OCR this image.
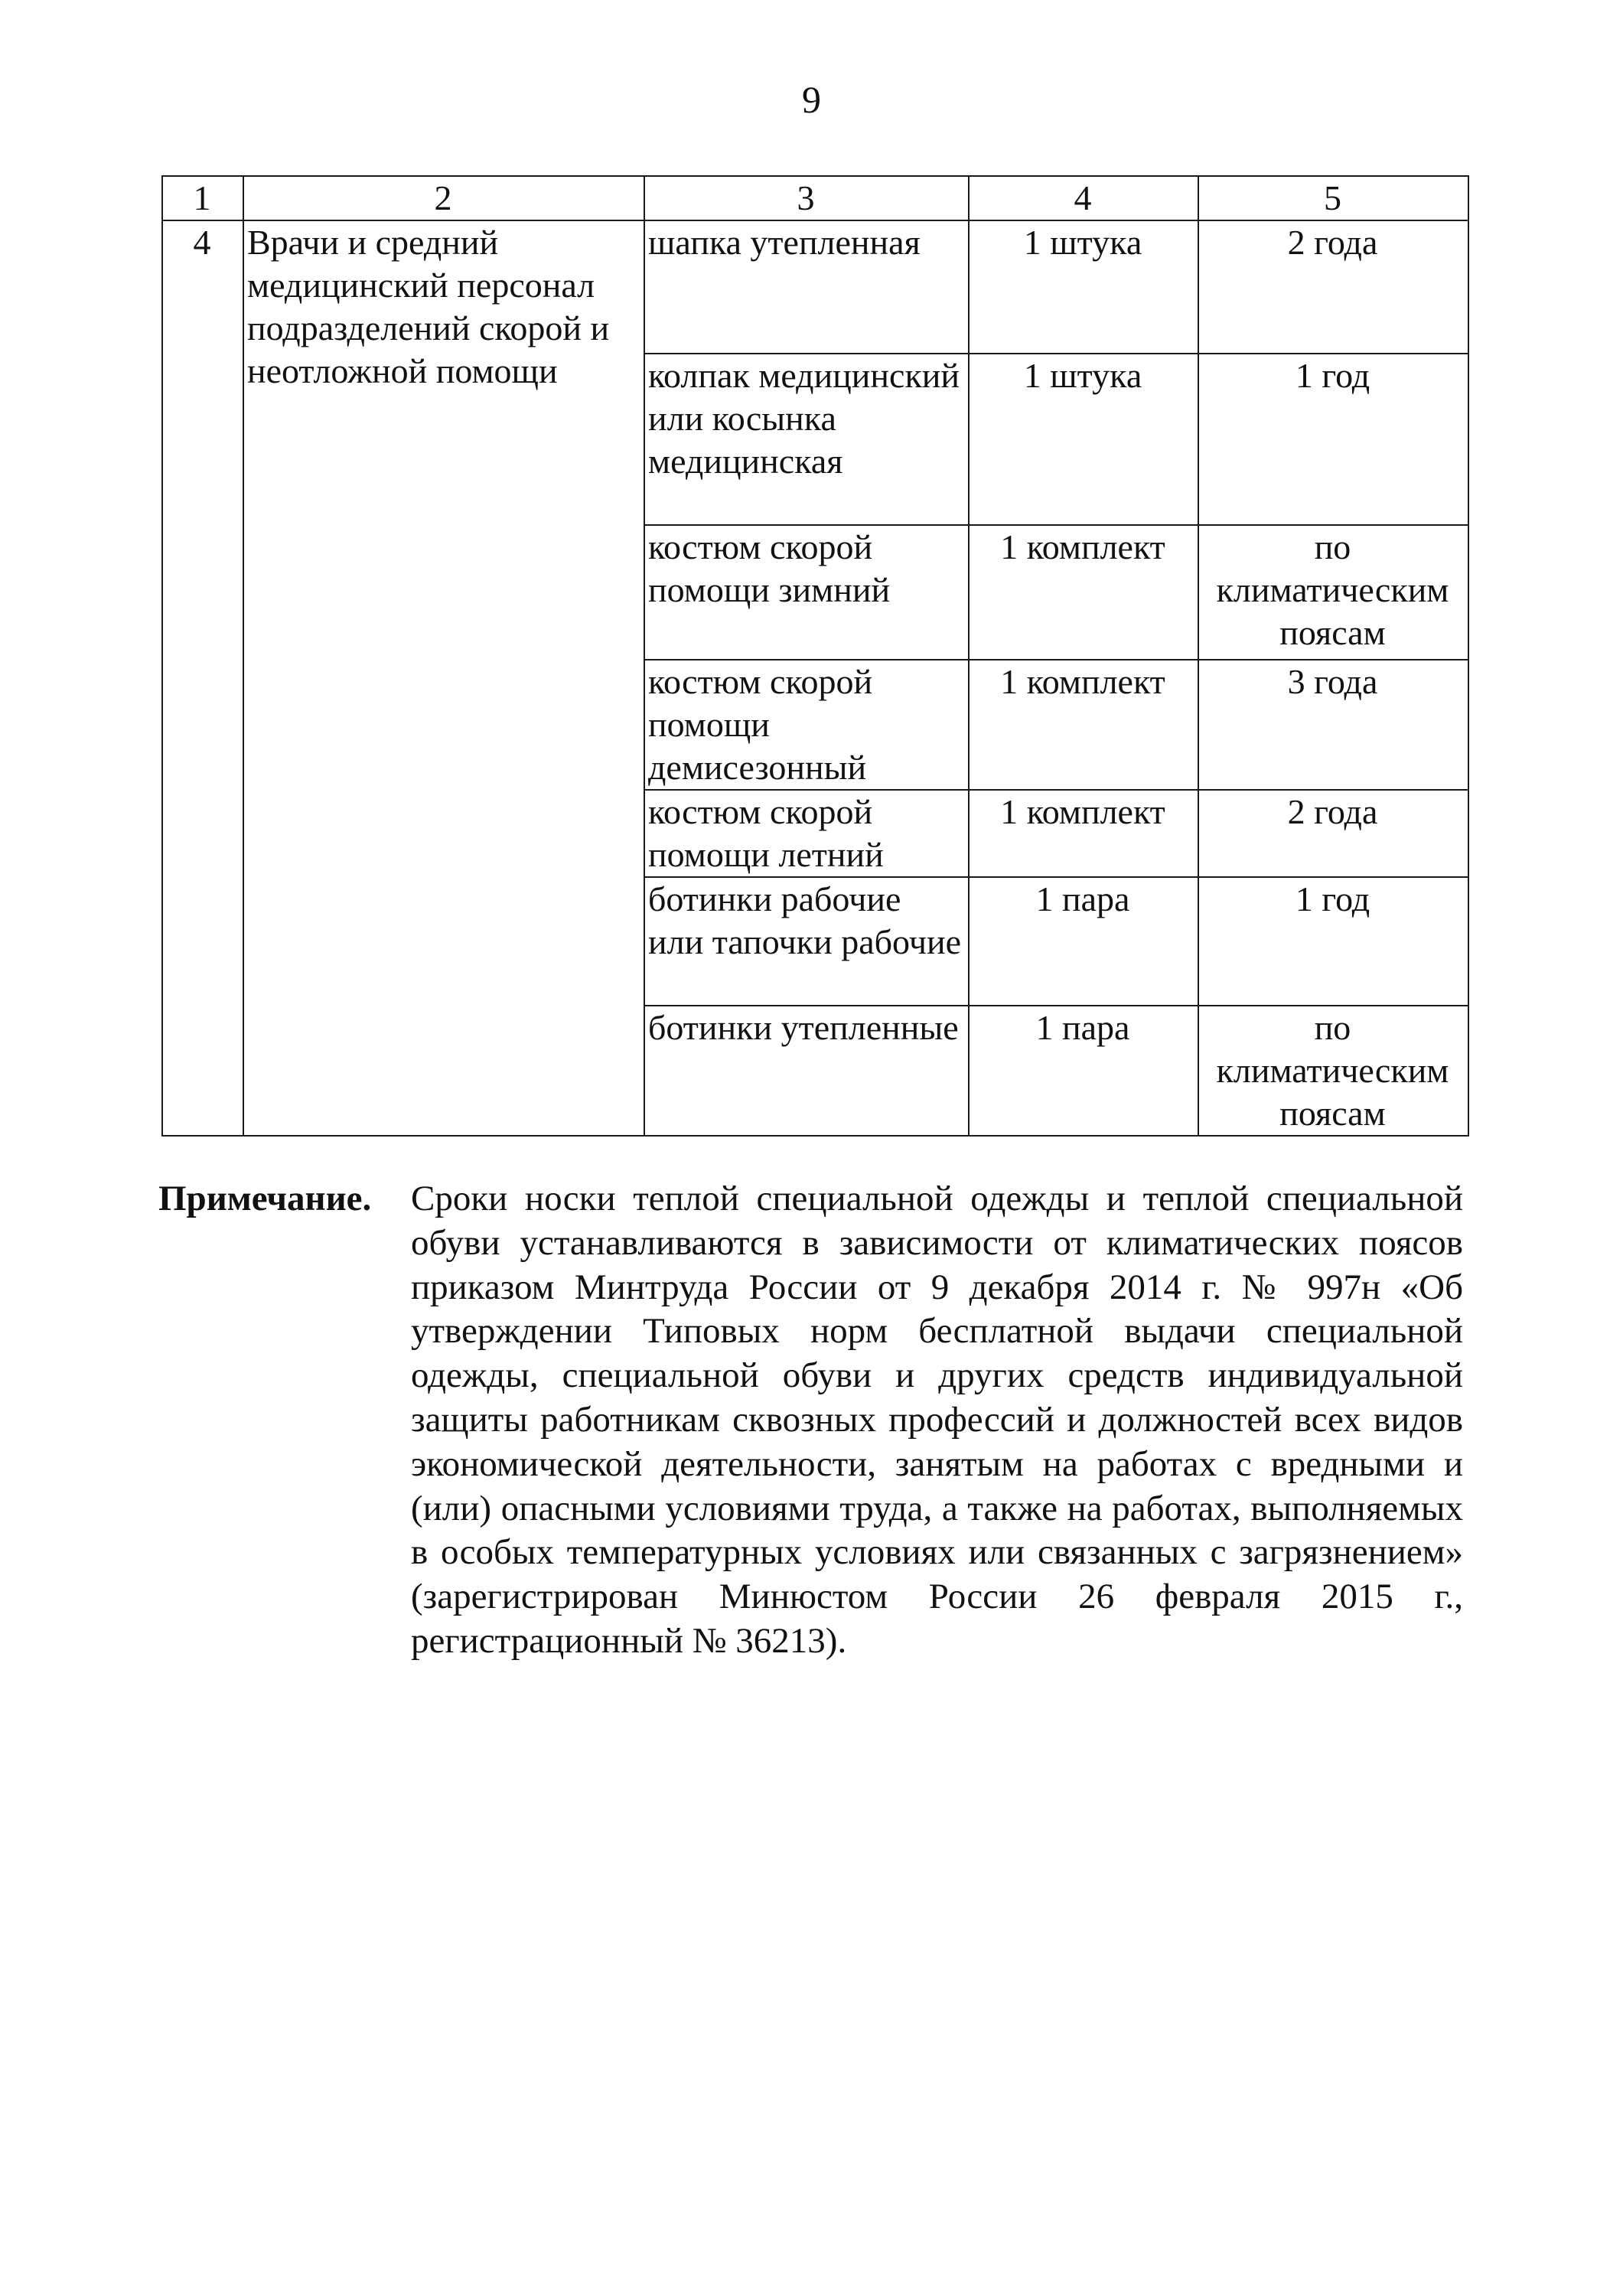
9
1	2	3	4	5
4	Врачи и средний медицинский персонал подразделений скорой и неотложной помощи	шапка утепленная	1 штука	2 года
		колпак медицинский или косынка медицинская	1 штука	1 год
		костюм скорой помощи зимний	1 комплект	по климатическим поясам
		костюм скорой помощи демисезонный	1 комплект	3 года
		костюм скорой помощи летний	1 комплект	2 года
		ботинки рабочие или тапочки рабочие	1 пара	1 год
		ботинки утепленные	1 пара	по климатическим поясам
Примечание. Сроки носки теплой специальной одежды и теплой специальной обуви устанавливаются в зависимости от климатических поясов приказом Минтруда России от 9 декабря 2014 г. № 997н «Об утверждении Типовых норм бесплатной выдачи специальной одежды, специальной обуви и других средств индивидуальной защиты работникам сквозных профессий и должностей всех видов экономической деятельности, занятым на работах с вредными и (или) опасными условиями труда, а также на работах, выполняемых в особых температурных условиях или связанных с загрязнением» (зарегистрирован Минюстом России 26 февраля 2015 г., регистрационный № 36213).
